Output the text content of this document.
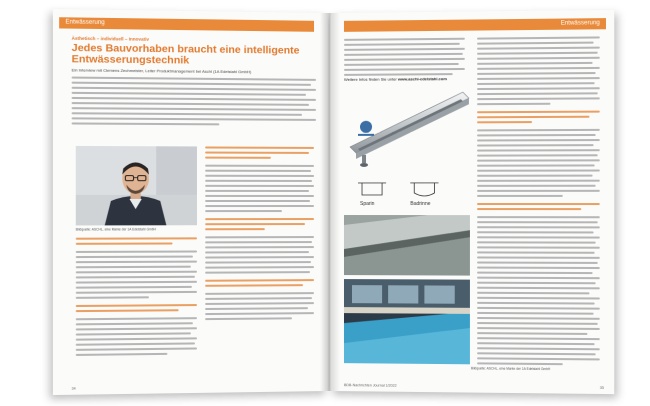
Entwässerung
Ästhetisch – individuell – innovativ
Jedes Bauvorhaben braucht eine intelligente Entwässerungstechnik
Ein Interview mit Clemens Zechmeister, Leiter Produktmanagement bei Aschl (1A Edelstahl GmbH)
Bildquelle: ASCHL, eine Marke der 1A Edelstahl GmbH
34
Entwässerung
Weitere Infos finden Sie unter www.aschl-edelstahl.com
Sparin	Badrinne
Bildquelle: ASCHL, eine Marke der 1A Edelstahl GmbH
BDB-Nachrichten Journal 1/2022
35
